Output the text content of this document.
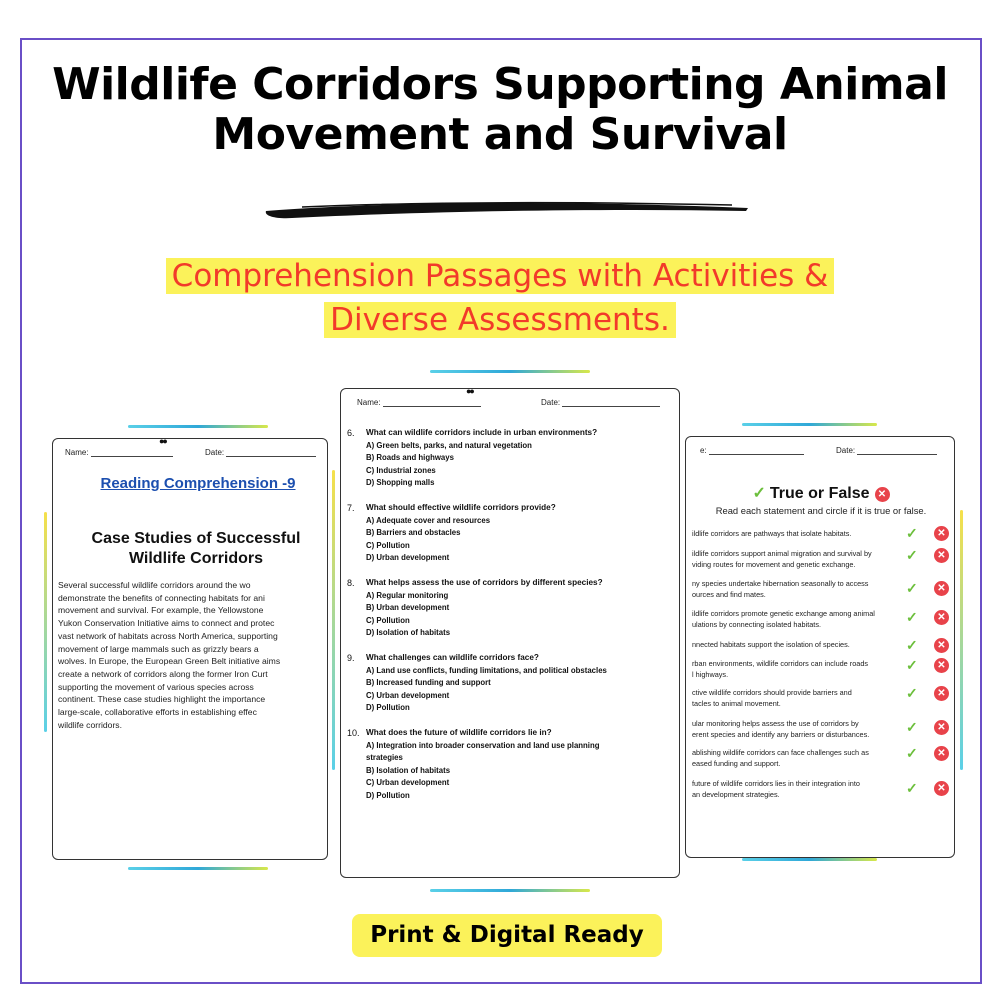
Wildlife Corridors Supporting Animal Movement and Survival
Comprehension Passages with Activities &
Diverse Assessments.
●●
Name:	Date:
Reading Comprehension -9
Case Studies of Successful
Wildlife Corridors
Several successful wildlife corridors around the wo
demonstrate the benefits of connecting habitats for ani
movement and survival. For example, the Yellowstone
Yukon Conservation Initiative aims to connect and protec
vast network of habitats across North America, supporting
movement of large mammals such as grizzly bears a
wolves. In Europe, the European Green Belt initiative aims
create a network of corridors along the former Iron Curt
supporting the movement of various species across
continent. These case studies highlight the importance
large-scale, collaborative efforts in establishing effec
wildlife corridors.
●●
Name:	Date:
6.	What can wildlife corridors include in urban environments?
A) Green belts, parks, and natural vegetation
B) Roads and highways
C) Industrial zones
D) Shopping malls
7.	What should effective wildlife corridors provide?
A) Adequate cover and resources
B) Barriers and obstacles
C) Pollution
D) Urban development
8.	What helps assess the use of corridors by different species?
A) Regular monitoring
B) Urban development
C) Pollution
D) Isolation of habitats
9.	What challenges can wildlife corridors face?
A) Land use conflicts, funding limitations, and political obstacles
B) Increased funding and support
C) Urban development
D) Pollution
10. What does the future of wildlife corridors lie in?
A) Integration into broader conservation and land use planning
strategies
B) Isolation of habitats
C) Urban development
D) Pollution
e:	Date:
✓ True or False ✕
Read each statement and circle if it is true or false.
ildlife corridors are pathways that isolate habitats.	✓	✕
ildlife corridors support animal migration and survival by
viding routes for movement and genetic exchange.
✓	✕
ny species undertake hibernation seasonally to access
ources and find mates.	✓	✕
ildlife corridors promote genetic exchange among animal
ulations by connecting isolated habitats.	✓	✕
nnected habitats support the isolation of species.	✓	✕
rban environments, wildlife corridors can include roads
l highways.
✓	✕
ctive wildlife corridors should provide barriers and
tacles to animal movement.
✓	✕
ular monitoring helps assess the use of corridors by
erent species and identify any barriers or disturbances.	✓	✕
ablishing wildlife corridors can face challenges such as
eased funding and support.
✓	✕
future of wildlife corridors lies in their integration into
an development strategies.	✓	✕
Print & Digital Ready
